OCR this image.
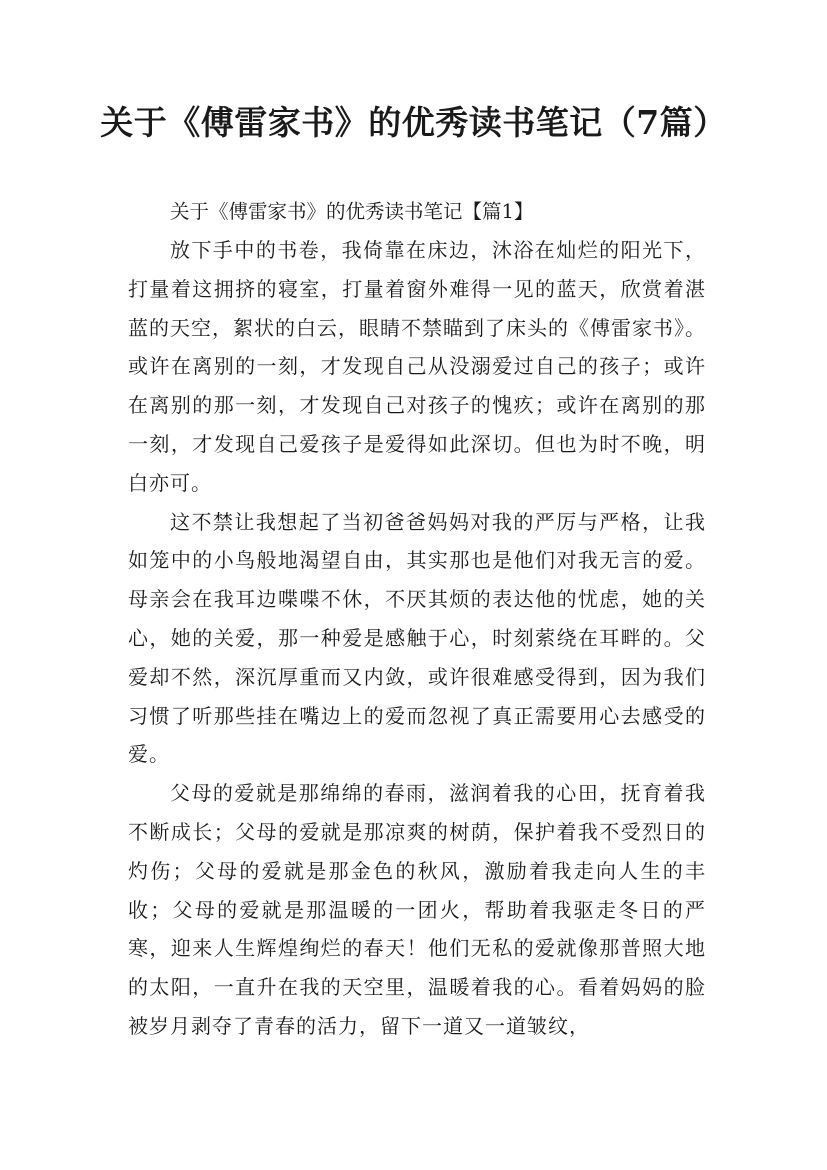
关于《傅雷家书》的优秀读书笔记（7篇）

关于《傅雷家书》的优秀读书笔记【篇1】

放下手中的书卷，我倚靠在床边，沐浴在灿烂的阳光下，打量着这拥挤的寝室，打量着窗外难得一见的蓝天，欣赏着湛蓝的天空，絮状的白云，眼睛不禁瞄到了床头的《傅雷家书》。或许在离别的一刻，才发现自己从没溺爱过自己的孩子；或许在离别的那一刻，才发现自己对孩子的愧疚；或许在离别的那一刻，才发现自己爱孩子是爱得如此深切。但也为时不晚，明白亦可。

这不禁让我想起了当初爸爸妈妈对我的严厉与严格，让我如笼中的小鸟般地渴望自由，其实那也是他们对我无言的爱。母亲会在我耳边喋喋不休，不厌其烦的表达他的忧虑，她的关心，她的关爱，那一种爱是感触于心，时刻萦绕在耳畔的。父爱却不然，深沉厚重而又内敛，或许很难感受得到，因为我们习惯了听那些挂在嘴边上的爱而忽视了真正需要用心去感受的爱。

父母的爱就是那绵绵的春雨，滋润着我的心田，抚育着我不断成长；父母的爱就是那凉爽的树荫，保护着我不受烈日的灼伤；父母的爱就是那金色的秋风，激励着我走向人生的丰收；父母的爱就是那温暖的一团火，帮助着我驱走冬日的严寒，迎来人生辉煌绚烂的春天！他们无私的爱就像那普照大地的太阳，一直升在我的天空里，温暖着我的心。看着妈妈的脸被岁月剥夺了青春的活力，留下一道又一道皱纹，
